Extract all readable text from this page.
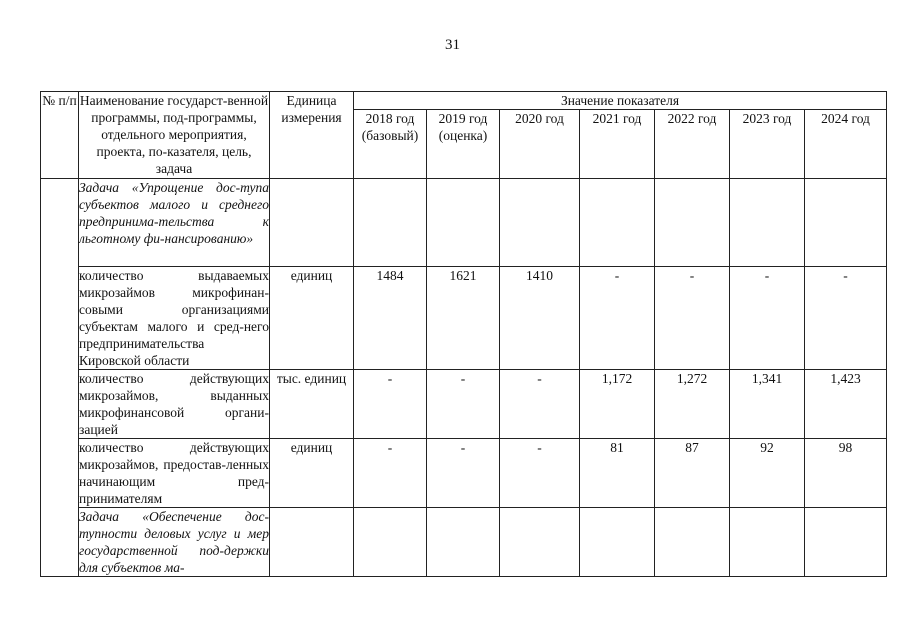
31
№ п/п	Наименование государст-венной программы, под-программы, отдельного мероприятия, проекта, по-казателя, цель, задача	Единица измерения	Значение показателя						
			2018 год (базовый)	2019 год (оценка)	2020 год	2021 год	2022 год	2023 год	2024 год
	Задача «Упрощение дос-тупа субъектов малого и среднего предпринима-тельства к льготному фи-нансированию»								
	количество выдаваемых микрозаймов микрофинан-совыми организациями субъектам малого и сред-него предпринимательства Кировской области	единиц	1484	1621	1410	-	-	-	-
	количество действующих микрозаймов, выданных микрофинансовой органи-зацией	тыс. единиц	-	-	-	1,172	1,272	1,341	1,423
	количество действующих микрозаймов, предостав-ленных начинающим пред-принимателям	единиц	-	-	-	81	87	92	98
	Задача «Обеспечение дос-тупности деловых услуг и мер государственной под-держки для субъектов ма-								
